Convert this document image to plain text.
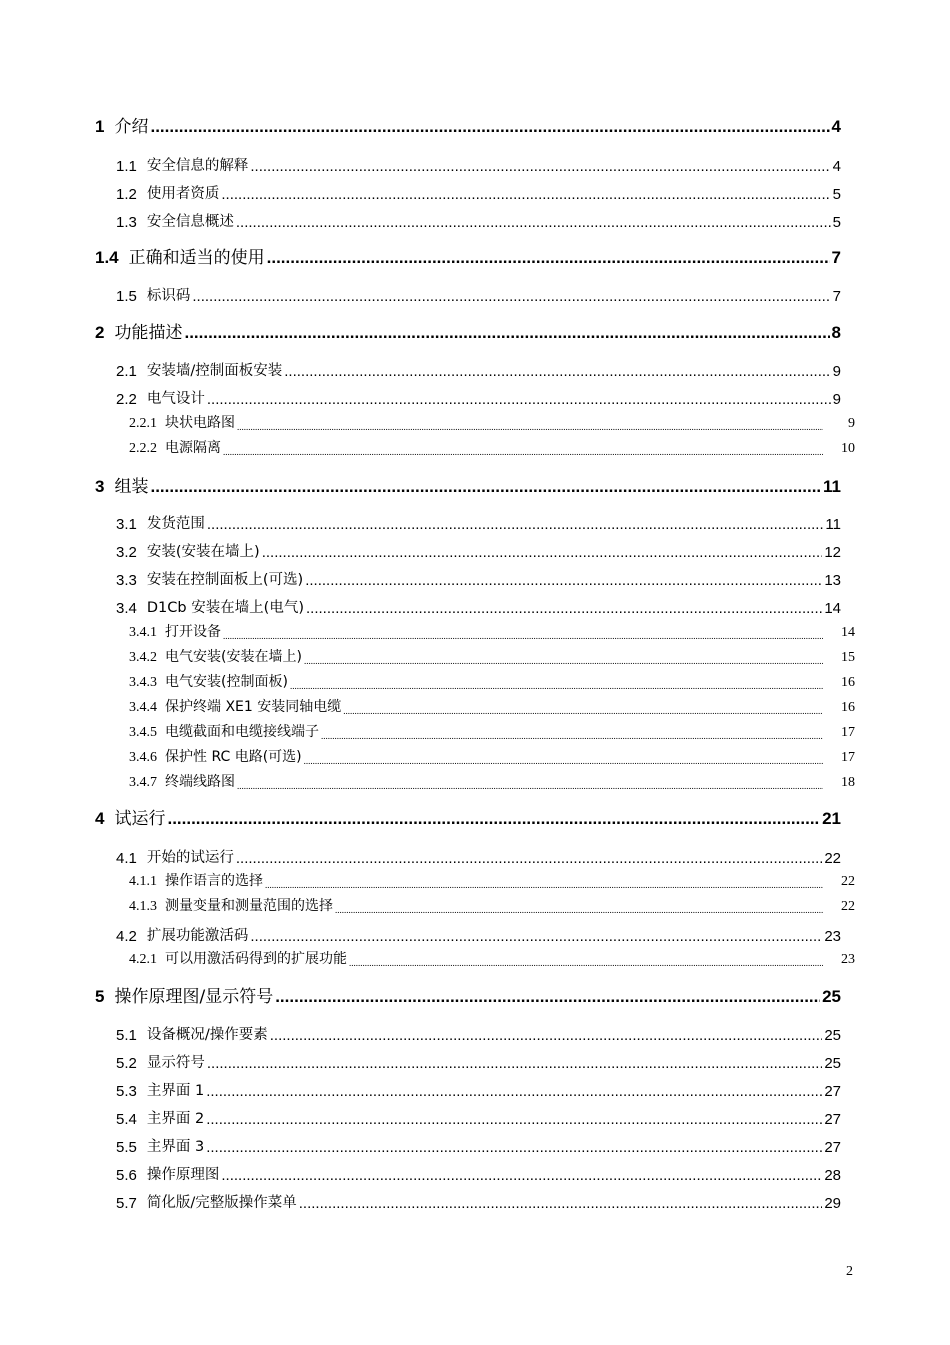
1 介绍 .....	4
1.1 安全信息的解释 .....	4
1.2 使用者资质 .....	5
1.3 安全信息概述 .....	5
1.4 正确和适当的使用 .....	7
1.5 标识码 .....	7
2 功能描述 .....	8
2.1 安装墙/控制面板安装 .....	9
2.2 电气设计 .....	9
2.2.1 块状电路图 .....	9
2.2.2 电源隔离 .....	10
3 组装 .....	11
3.1 发货范围 .....	11
3.2 安装(安装在墙上) .....	12
3.3 安装在控制面板上(可选) .....	13
3.4 D1Cb 安装在墙上(电气) .....	14
3.4.1 打开设备 .....	14
3.4.2 电气安装(安装在墙上) .....	15
3.4.3 电气安装(控制面板) .....	16
3.4.4 保护终端 XE1 安装同轴电缆 .....	16
3.4.5 电缆截面和电缆接线端子 .....	17
3.4.6 保护性 RC 电路(可选) .....	17
3.4.7 终端线路图 .....	18
4 试运行 .....	21
4.1 开始的试运行 .....	22
4.1.1 操作语言的选择 .....	22
4.1.3 测量变量和测量范围的选择 .....	22
4.2 扩展功能激活码 .....	23
4.2.1 可以用激活码得到的扩展功能 .....	23
5 操作原理图/显示符号 .....	25
5.1 设备概况/操作要素 .....	25
5.2 显示符号 .....	25
5.3 主界面 1 .....	27
5.4 主界面 2 .....	27
5.5 主界面 3 .....	27
5.6 操作原理图 .....	28
5.7 简化版/完整版操作菜单 .....	29
2
